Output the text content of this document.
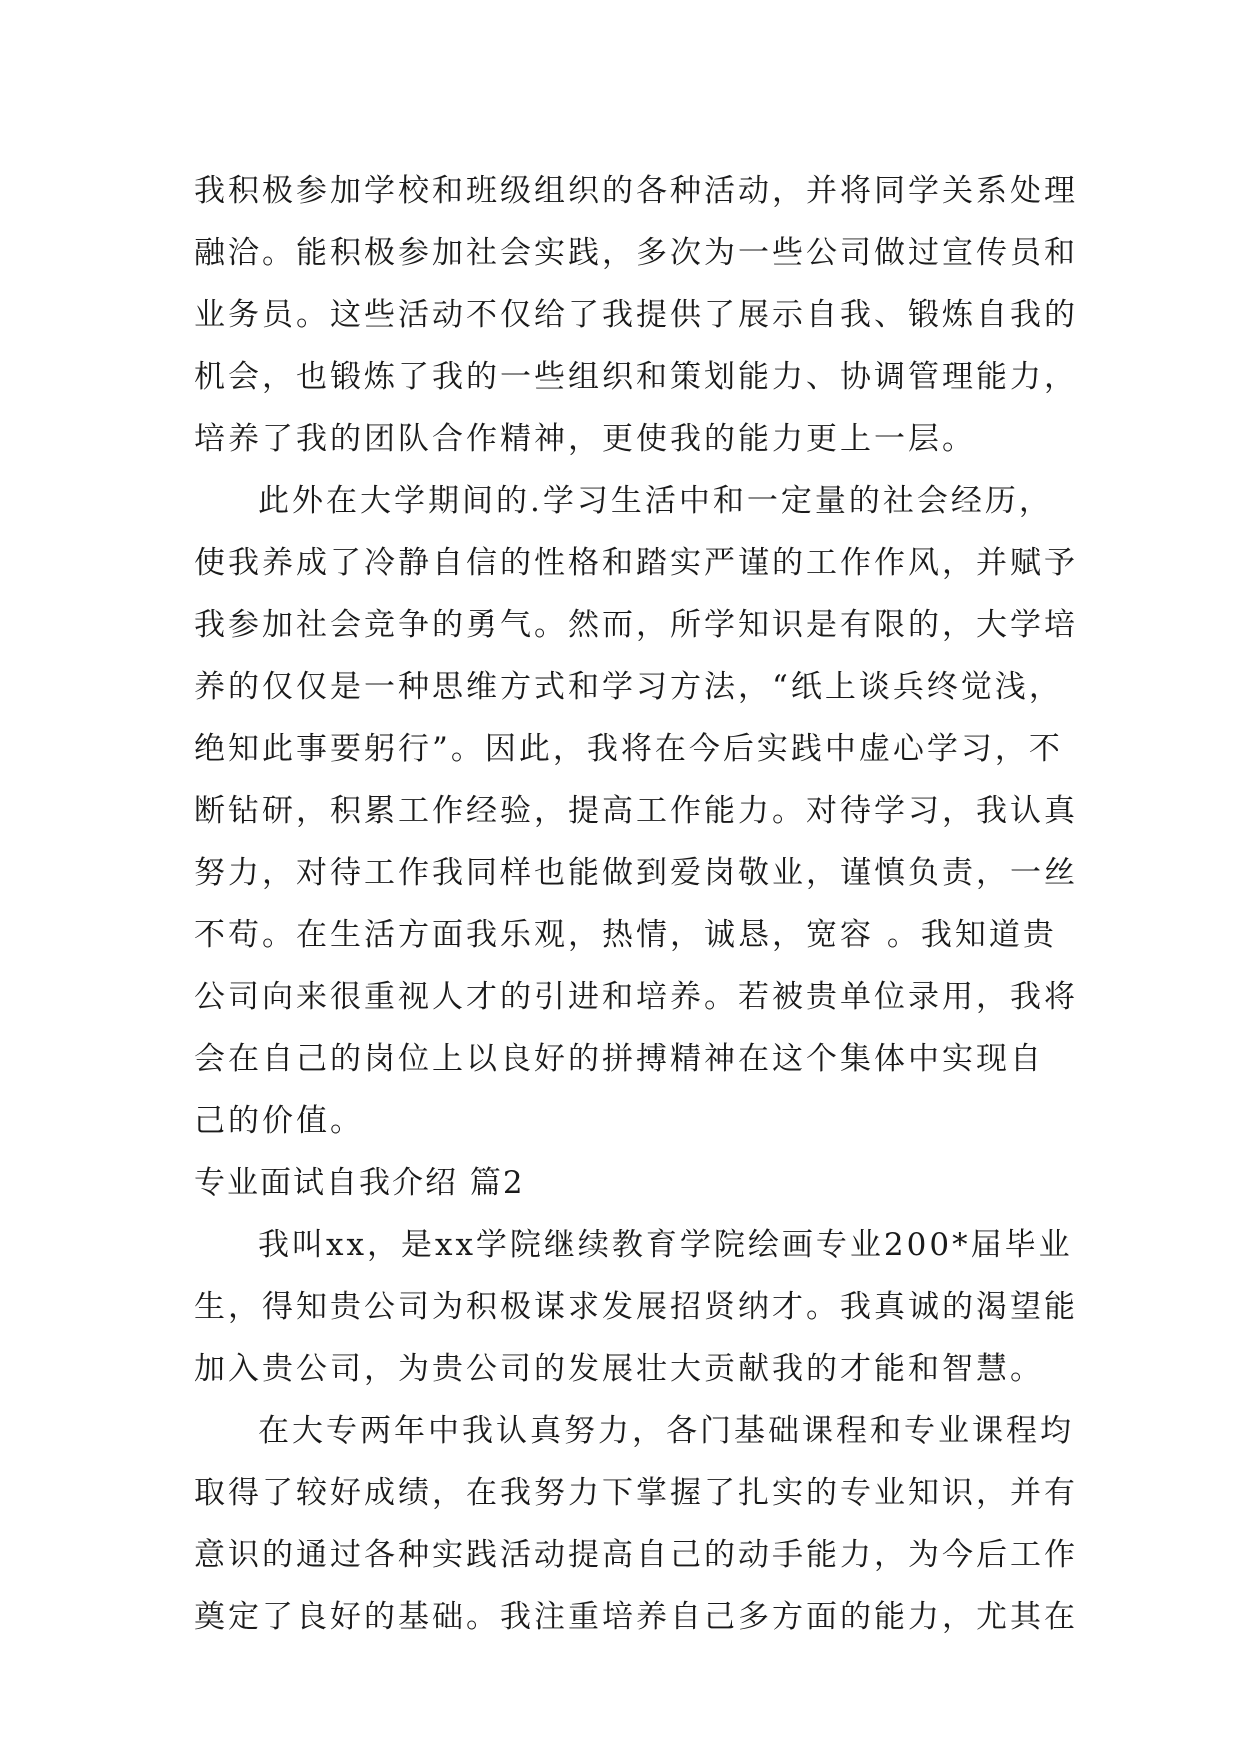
我积极参加学校和班级组织的各种活动，并将同学关系处理
融洽。能积极参加社会实践，多次为一些公司做过宣传员和
业务员。这些活动不仅给了我提供了展示自我、锻炼自我的
机会，也锻炼了我的一些组织和策划能力、协调管理能力，
培养了我的团队合作精神，更使我的能力更上一层。
此外在大学期间的.学习生活中和一定量的社会经历，
使我养成了冷静自信的性格和踏实严谨的工作作风，并赋予
我参加社会竞争的勇气。然而，所学知识是有限的，大学培
养的仅仅是一种思维方式和学习方法，“纸上谈兵终觉浅，
绝知此事要躬行”。因此，我将在今后实践中虚心学习，不
断钻研，积累工作经验，提高工作能力。对待学习，我认真
努力，对待工作我同样也能做到爱岗敬业，谨慎负责，一丝
不苟。在生活方面我乐观，热情，诚恳，宽容 。我知道贵
公司向来很重视人才的引进和培养。若被贵单位录用，我将
会在自己的岗位上以良好的拼搏精神在这个集体中实现自
己的价值。
专业面试自我介绍 篇2
我叫xx，是xx学院继续教育学院绘画专业200*届毕业
生，得知贵公司为积极谋求发展招贤纳才。我真诚的渴望能
加入贵公司，为贵公司的发展壮大贡献我的才能和智慧。
在大专两年中我认真努力，各门基础课程和专业课程均
取得了较好成绩，在我努力下掌握了扎实的专业知识，并有
意识的通过各种实践活动提高自己的动手能力，为今后工作
奠定了良好的基础。我注重培养自己多方面的能力，尤其在
